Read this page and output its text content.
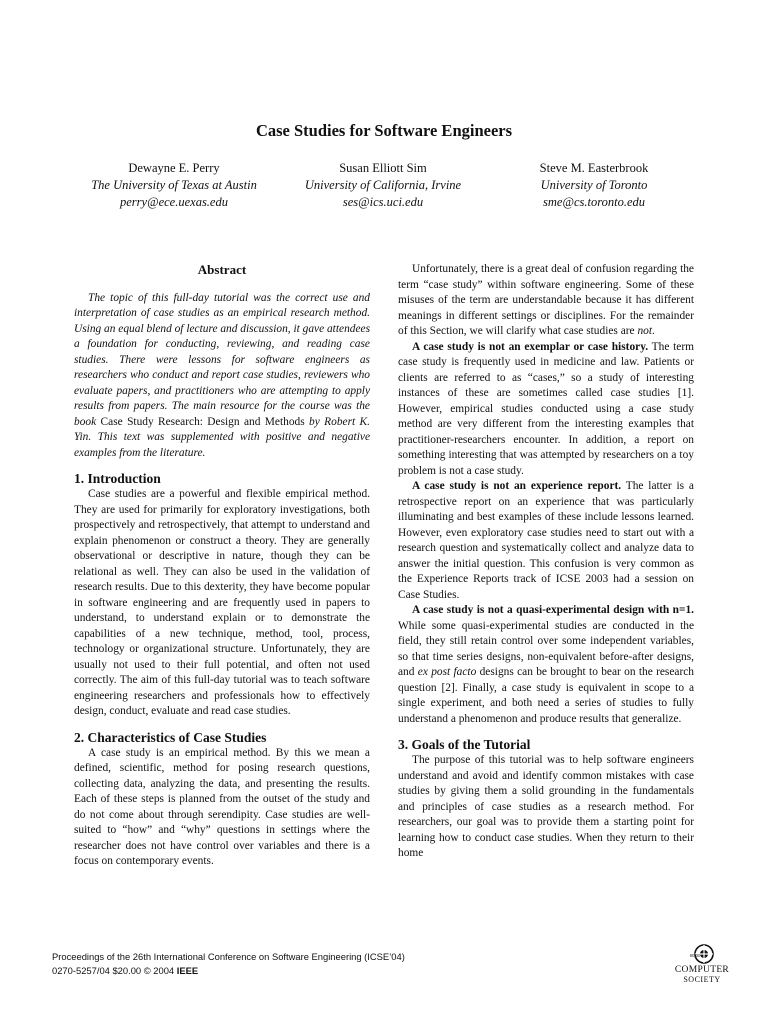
Case Studies for Software Engineers
Dewayne E. Perry
The University of Texas at Austin
perry@ece.uexas.edu
Susan Elliott Sim
University of California, Irvine
ses@ics.uci.edu
Steve M. Easterbrook
University of Toronto
sme@cs.toronto.edu
Abstract

The topic of this full-day tutorial was the correct use and interpretation of case studies as an empirical research method. Using an equal blend of lecture and discussion, it gave attendees a foundation for conducting, reviewing, and reading case studies. There were lessons for software engineers as researchers who conduct and report case studies, reviewers who evaluate papers, and practitioners who are attempting to apply results from papers. The main resource for the course was the book Case Study Research: Design and Methods by Robert K. Yin. This text was supplemented with positive and negative examples from the literature.

1. Introduction

Case studies are a powerful and flexible empirical method. They are used for primarily for exploratory investigations, both prospectively and retrospectively, that attempt to understand and explain phenomenon or construct a theory. They are generally observational or descriptive in nature, though they can be relational as well. They can also be used in the validation of research results. Due to this dexterity, they have become popular in software engineering and are frequently used in papers to understand, to understand explain or to demonstrate the capabilities of a new technique, method, tool, process, technology or organizational structure. Unfortunately, they are usually not used to their full potential, and often not used correctly. The aim of this full-day tutorial was to teach software engineering researchers and professionals how to effectively design, conduct, evaluate and read case studies.

2. Characteristics of Case Studies

A case study is an empirical method. By this we mean a defined, scientific, method for posing research questions, collecting data, analyzing the data, and presenting the results. Each of these steps is planned from the outset of the study and do not come about through serendipity. Case studies are well-suited to “how” and “why” questions in settings where the researcher does not have control over variables and there is a focus on contemporary events.

Unfortunately, there is a great deal of confusion regarding the term “case study” within software engineering. Some of these misuses of the term are understandable because it has different meanings in different settings or disciplines. For the remainder of this Section, we will clarify what case studies are not.

A case study is not an exemplar or case history. The term case study is frequently used in medicine and law. Patients or clients are referred to as “cases,” so a study of interesting instances of these are sometimes called case studies [1]. However, empirical studies conducted using a case study method are very different from the interesting examples that practitioner-researchers encounter. In addition, a report on something interesting that was attempted by researchers on a toy problem is not a case study.

A case study is not an experience report. The latter is a retrospective report on an experience that was particularly illuminating and best examples of these include lessons learned. However, even exploratory case studies need to start out with a research question and systematically collect and analyze data to answer the initial question. This confusion is very common as the Experience Reports track of ICSE 2003 had a session on Case Studies.

A case study is not a quasi-experimental design with n=1. While some quasi-experimental studies are conducted in the field, they still retain control over some independent variables, so that time series designs, non-equivalent before-after designs, and ex post facto designs can be brought to bear on the research question [2]. Finally, a case study is equivalent in scope to a single experiment, and both need a series of studies to fully understand a phenomenon and produce results that generalize.

3. Goals of the Tutorial

The purpose of this tutorial was to help software engineers understand and avoid and identify common mistakes with case studies by giving them a solid grounding in the fundamentals and principles of case studies as a research method. For researchers, our goal was to provide them a starting point for learning how to conduct case studies. When they return to their home

Proceedings of the 26th International Conference on Software Engineering (ICSE’04)
0270-5257/04 $20.00 © 2004 IEEE
IEEE
COMPUTER
SOCIETY
